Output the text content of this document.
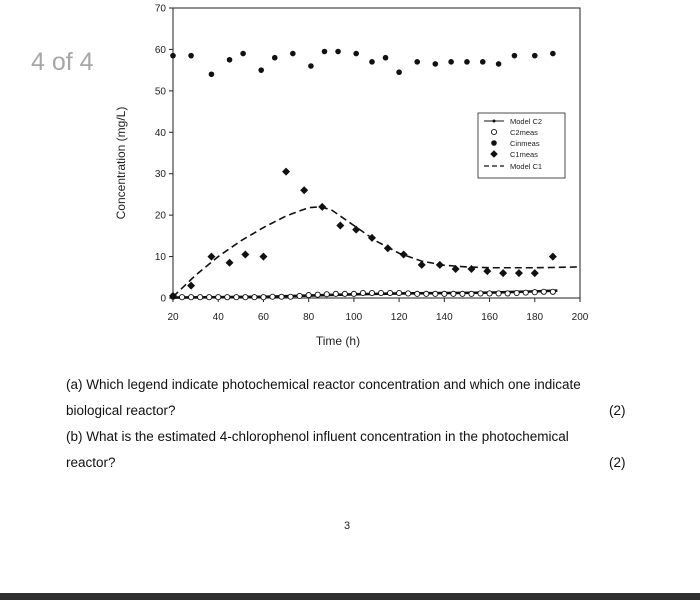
4 of 4
20	40	60	80	100	120	140	160	180	200
0
10
20
30
40
50
60
70
Model C2
C2meas
Cinmeas
C1meas
Model C1
Time (h)
Concentration (mg/L)
(a) Which legend indicate photochemical reactor concentration and which one indicate
biological reactor?	(2)
(b) What is the estimated 4-chlorophenol influent concentration in the photochemical
reactor?	(2)
3
